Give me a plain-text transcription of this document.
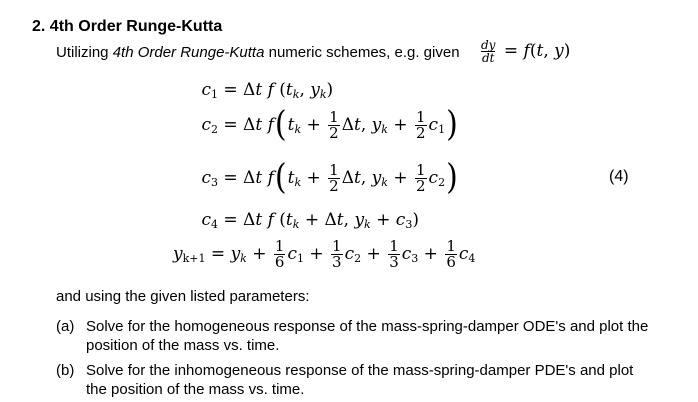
2. 4th Order Runge-Kutta
Utilizing 4th Order Runge-Kutta numeric schemes, e.g. given $\frac{dy}{dt} = f$ ( t , y )
$c_1 = \Delta$ t f ( $t_k$ , $y_k$ )
$c_2 = \Delta$ t f ( $t_k + \frac{1}{2}$ Δ t , $y_k + \frac{1}{2} c_1$ )
$c_3 = \Delta$ t f ( $t_k + \frac{1}{2}$ Δ t , $y_k + \frac{1}{2} c_2$ )
$c_4 = \Delta$ t f ( $t_k + \Delta$ t , $y_k + c_3$ )
$y_{k+1} = y_k + \frac{1}{6} c_1 + \frac{1}{3} c_2 + \frac{1}{3} c_3 + \frac{1}{6} c_4$
(4)
and using the given listed parameters:
(a) Solve for the homogeneous response of the mass-spring-damper ODE's and plot the position of the mass vs. time.
(b) Solve for the inhomogeneous response of the mass-spring-damper PDE's and plot the position of the mass vs. time.
